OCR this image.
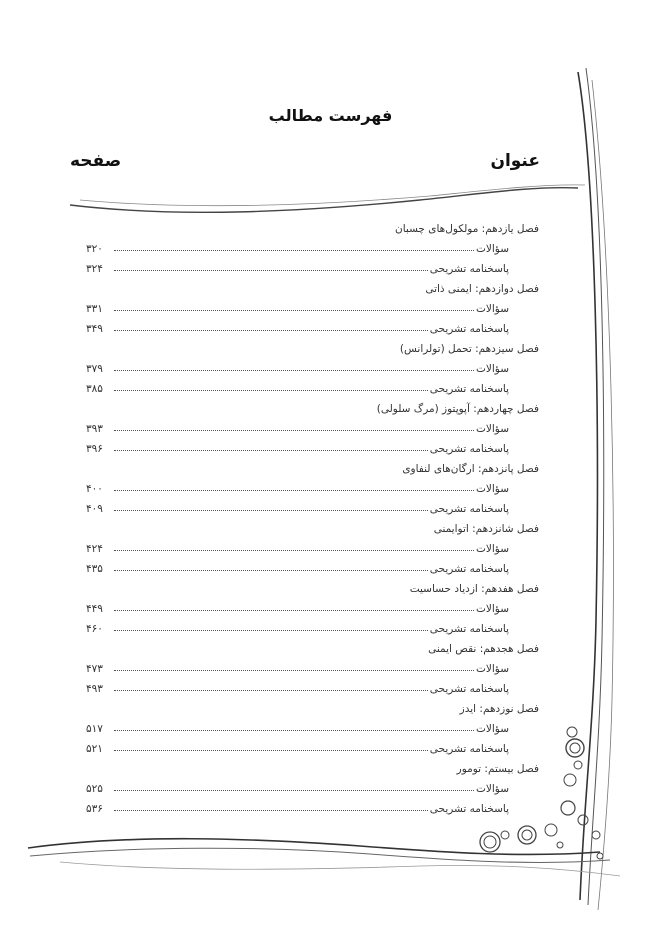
فهرست مطالب
عنوان
صفحه
فصل یازدهم: مولکول‌های چسبان
سؤالات
۳۲۰
پاسخنامه تشریحی
۳۲۴
فصل دوازدهم: ایمنی ذاتی
سؤالات
۳۳۱
پاسخنامه تشریحی
۳۴۹
فصل سیزدهم: تحمل (تولرانس)
سؤالات
۳۷۹
پاسخنامه تشریحی
۳۸۵
فصل چهاردهم: آپوپتوز (مرگ سلولی)
سؤالات
۳۹۳
پاسخنامه تشریحی
۳۹۶
فصل پانزدهم: ارگان‌های لنفاوی
سؤالات
۴۰۰
پاسخنامه تشریحی
۴۰۹
فصل شانزدهم: اتوایمنی
سؤالات
۴۲۴
پاسخنامه تشریحی
۴۳۵
فصل هفدهم: ازدیاد حساسیت
سؤالات
۴۴۹
پاسخنامه تشریحی
۴۶۰
فصل هجدهم: نقص ایمنی
سؤالات
۴۷۳
پاسخنامه تشریحی
۴۹۳
فصل نوزدهم: ایدز
سؤالات
۵۱۷
پاسخنامه تشریحی
۵۲۱
فصل بیستم: تومور
سؤالات
۵۲۵
پاسخنامه تشریحی
۵۳۶
